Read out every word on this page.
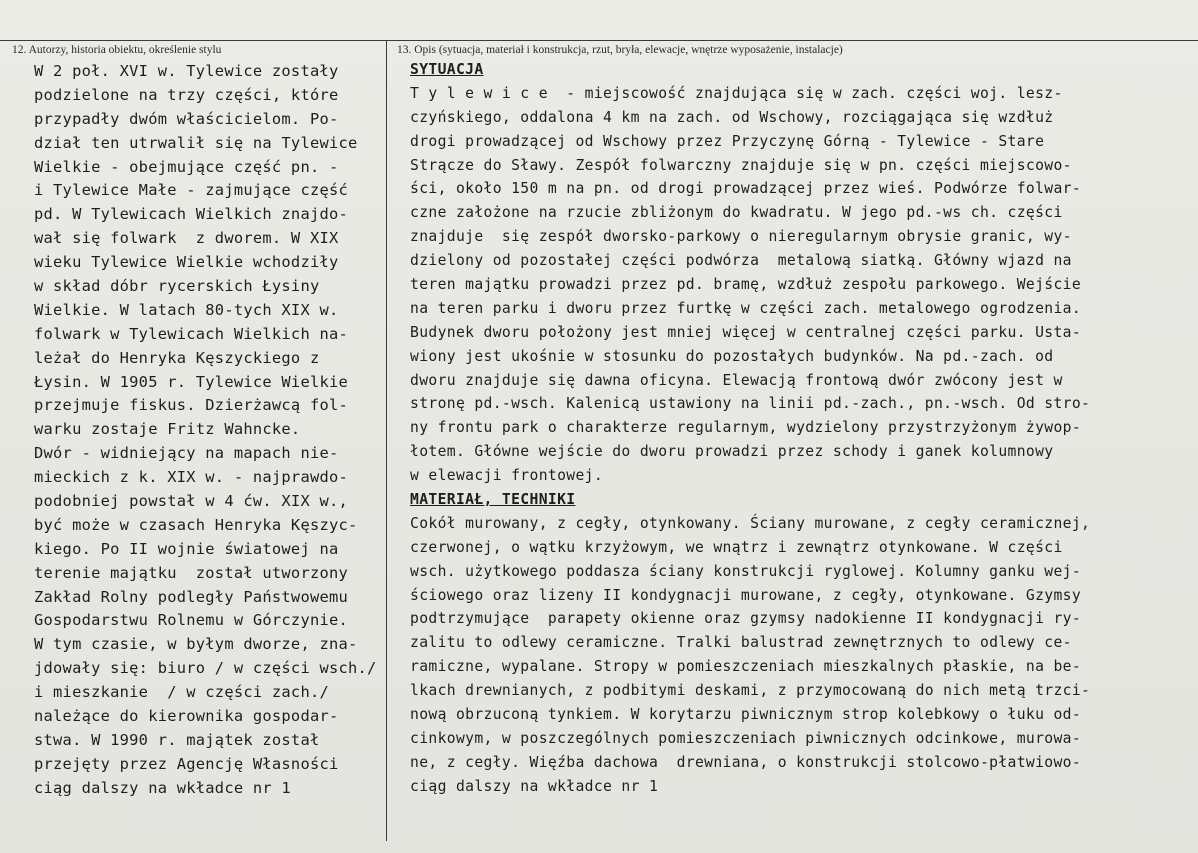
12. Autorzy, historia obiektu, określenie stylu	13. Opis (sytuacja, materiał i konstrukcja, rzut, bryła, elewacje, wnętrze wyposażenie, instalacje)
W 2 poł. XVI w. Tylewice zostały
podzielone na trzy części, które
przypadły dwóm właścicielom. Po-
dział ten utrwalił się na Tylewice
Wielkie - obejmujące część pn. -
i Tylewice Małe - zajmujące część
pd. W Tylewicach Wielkich znajdo-
wał się folwark  z dworem. W XIX
wieku Tylewice Wielkie wchodziły
w skład dóbr rycerskich Łysiny
Wielkie. W latach 80-tych XIX w.
folwark w Tylewicach Wielkich na-
leżał do Henryka Kęszyckiego z
Łysin. W 1905 r. Tylewice Wielkie
przejmuje fiskus. Dzierżawcą fol-
warku zostaje Fritz Wahncke.
Dwór - widniejący na mapach nie-
mieckich z k. XIX w. - najprawdo-
podobniej powstał w 4 ćw. XIX w.,
być może w czasach Henryka Kęszyc-
kiego. Po II wojnie światowej na
terenie majątku  został utworzony
Zakład Rolny podległy Państwowemu
Gospodarstwu Rolnemu w Górczynie.
W tym czasie, w byłym dworze, zna-
jdowały się: biuro / w części wsch./
i mieszkanie  / w części zach./
należące do kierownika gospodar-
stwa. W 1990 r. majątek został
przejęty przez Agencję Własności
ciąg dalszy na wkładce nr 1
SYTUACJA
T y l e w i c e  - miejscowość znajdująca się w zach. części woj. lesz-
czyńskiego, oddalona 4 km na zach. od Wschowy, rozciągająca się wzdłuż
drogi prowadzącej od Wschowy przez Przyczynę Górną - Tylewice - Stare
Strącze do Sławy. Zespół folwarczny znajduje się w pn. części miejscowo-
ści, około 150 m na pn. od drogi prowadzącej przez wieś. Podwórze folwar-
czne założone na rzucie zbliżonym do kwadratu. W jego pd.-ws ch. części
znajduje  się zespół dworsko-parkowy o nieregularnym obrysie granic, wy-
dzielony od pozostałej części podwórza  metalową siatką. Główny wjazd na
teren majątku prowadzi przez pd. bramę, wzdłuż zespołu parkowego. Wejście
na teren parku i dworu przez furtkę w części zach. metalowego ogrodzenia.
Budynek dworu położony jest mniej więcej w centralnej części parku. Usta-
wiony jest ukośnie w stosunku do pozostałych budynków. Na pd.-zach. od
dworu znajduje się dawna oficyna. Elewacją frontową dwór zwócony jest w
stronę pd.-wsch. Kalenicą ustawiony na linii pd.-zach., pn.-wsch. Od stro-
ny frontu park o charakterze regularnym, wydzielony przystrzyżonym żywop-
łotem. Główne wejście do dworu prowadzi przez schody i ganek kolumnowy
w elewacji frontowej.
MATERIAŁ, TECHNIKI
Cokół murowany, z cegły, otynkowany. Ściany murowane, z cegły ceramicznej,
czerwonej, o wątku krzyżowym, we wnątrz i zewnątrz otynkowane. W części
wsch. użytkowego poddasza ściany konstrukcji ryglowej. Kolumny ganku wej-
ściowego oraz lizeny II kondygnacji murowane, z cegły, otynkowane. Gzymsy
podtrzymujące  parapety okienne oraz gzymsy nadokienne II kondygnacji ry-
zalitu to odlewy ceramiczne. Tralki balustrad zewnętrznych to odlewy ce-
ramiczne, wypalane. Stropy w pomieszczeniach mieszkalnych płaskie, na be-
lkach drewnianych, z podbitymi deskami, z przymocowaną do nich metą trzci-
nową obrzuconą tynkiem. W korytarzu piwnicznym strop kolebkowy o łuku od-
cinkowym, w poszczególnych pomieszczeniach piwnicznych odcinkowe, murowa-
ne, z cegły. Więźba dachowa  drewniana, o konstrukcji stolcowo-płatwiowo-
ciąg dalszy na wkładce nr 1
